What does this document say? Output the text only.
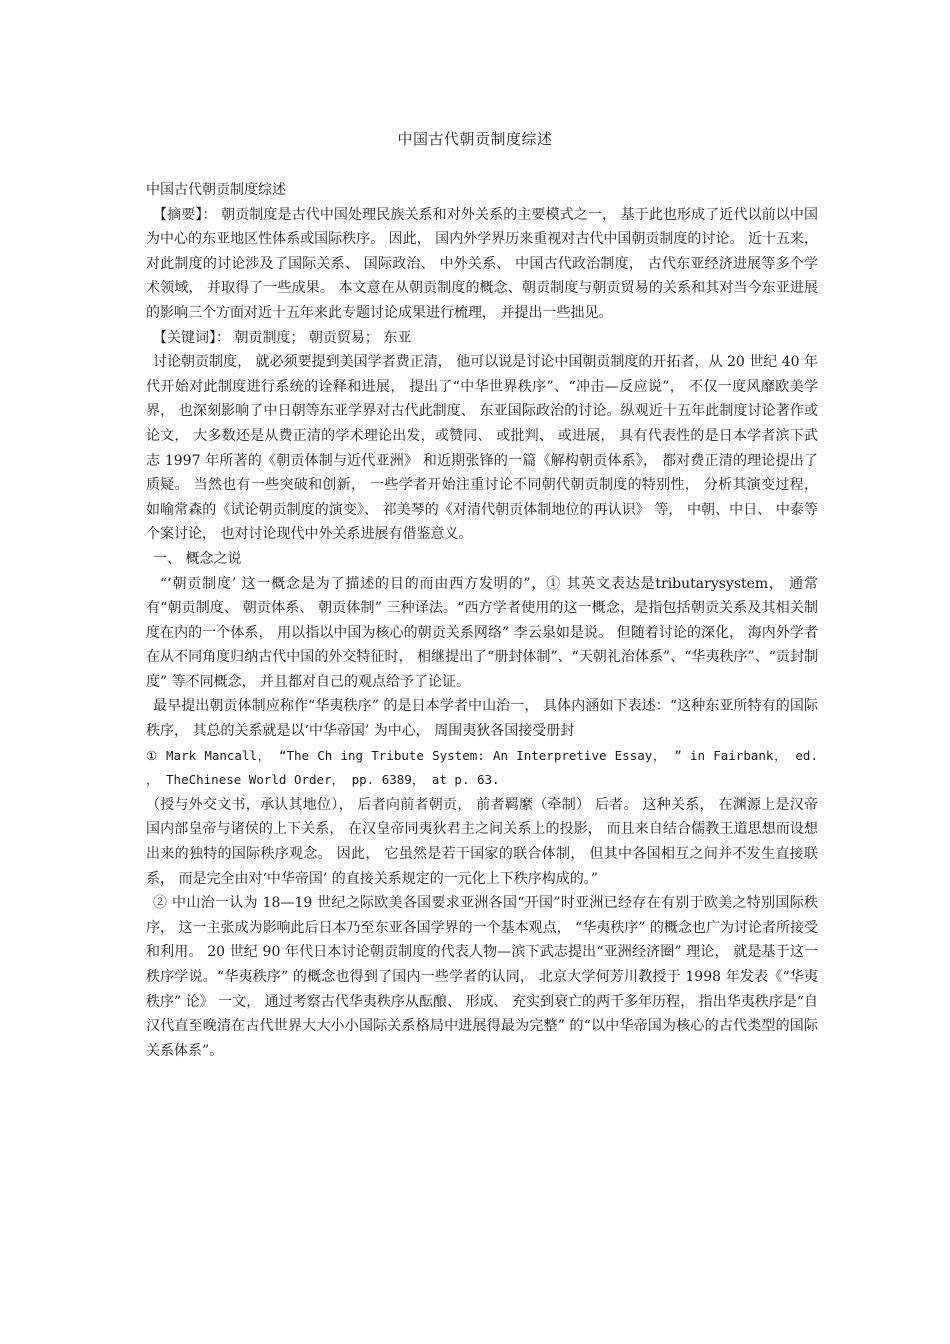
中国古代朝贡制度综述

中国古代朝贡制度综述

【摘要】： 朝贡制度是古代中国处理民族关系和对外关系的主要模式之一， 基于此也形成了近代以前以中国为中心的东亚地区性体系或国际秩序。 因此， 国内外学界历来重视对古代中国朝贡制度的讨论。 近十五来， 对此制度的讨论涉及了国际关系、 国际政治、 中外关系、 中国古代政治制度， 古代东亚经济进展等多个学术领域， 并取得了一些成果。 本文意在从朝贡制度的概念、朝贡制度与朝贡贸易的关系和其对当今东亚进展的影响三个方面对近十五年来此专题讨论成果进行梳理， 并提出一些拙见。

【关键词】： 朝贡制度； 朝贡贸易； 东亚

讨论朝贡制度， 就必须要提到美国学者费正清， 他可以说是讨论中国朝贡制度的开拓者，从 20 世纪 40 年代开始对此制度进行系统的诠释和进展， 提出了“中华世界秩序”、“冲击—反应说”， 不仅一度风靡欧美学界， 也深刻影响了中日朝等东亚学界对古代此制度、 东亚国际政治的讨论。纵观近十五年此制度讨论著作或论文， 大多数还是从费正清的学术理论出发，或赞同、 或批判、 或进展， 具有代表性的是日本学者滨下武志 1997 年所著的《朝贡体制与近代亚洲》 和近期张锋的一篇《解构朝贡体系》， 都对费正清的理论提出了质疑。 当然也有一些突破和创新， 一些学者开始注重讨论不同朝代朝贡制度的特别性， 分析其演变过程， 如喻常森的《试论朝贡制度的演变》、 祁美琴的《对清代朝贡体制地位的再认识》 等， 中朝、中日、 中泰等个案讨论， 也对讨论现代中外关系进展有借鉴意义。

一、 概念之说

“‘朝贡制度’ 这一概念是为了描述的目的而由西方发明的”，① 其英文表达是tributarysystem， 通常有“朝贡制度、 朝贡体系、 朝贡体制” 三种译法。“西方学者使用的这一概念，是指包括朝贡关系及其相关制度在内的一个体系， 用以指以中国为核心的朝贡关系网络” 李云泉如是说。 但随着讨论的深化， 海内外学者在从不同角度归纳古代中国的外交特征时， 相继提出了“册封体制”、“天朝礼治体系”、“华夷秩序”、“贡封制度” 等不同概念， 并且都对自己的观点给予了论证。

最早提出朝贡体制应称作“华夷秩序” 的是日本学者中山治一， 具体内涵如下表述：“这种东亚所特有的国际秩序， 其总的关系就是以‘中华帝国’ 为中心， 周围夷狄各国接受册封

① Mark Mancall， “The Ch ing Tribute System: An Interpretive Essay， ” in Fairbank， ed. ， TheChinese World Order， pp. 6389， at p. 63.

（授与外交文书，承认其地位）， 后者向前者朝贡， 前者羁縻（牵制） 后者。 这种关系， 在渊源上是汉帝国内部皇帝与诸侯的上下关系， 在汉皇帝同夷狄君主之间关系上的投影， 而且来自结合儒教王道思想而设想出来的独特的国际秩序观念。 因此， 它虽然是若干国家的联合体制， 但其中各国相互之间并不发生直接联系， 而是完全由对‘中华帝国’ 的直接关系规定的一元化上下秩序构成的。”

② 中山治一认为 18—19 世纪之际欧美各国要求亚洲各国“开国”时亚洲已经存在有别于欧美之特别国际秩序， 这一主张成为影响此后日本乃至东亚各国学界的一个基本观点， “华夷秩序” 的概念也广为讨论者所接受和利用。 20 世纪 90 年代日本讨论朝贡制度的代表人物—滨下武志提出“亚洲经济圈” 理论， 就是基于这一秩序学说。“华夷秩序” 的概念也得到了国内一些学者的认同， 北京大学何芳川教授于 1998 年发表《“华夷秩序” 论》 一文， 通过考察古代华夷秩序从酝酿、 形成、 充实到衰亡的两千多年历程， 指出华夷秩序是“自汉代直至晚清在古代世界大大小小国际关系格局中进展得最为完整” 的“以中华帝国为核心的古代类型的国际关系体系”。
